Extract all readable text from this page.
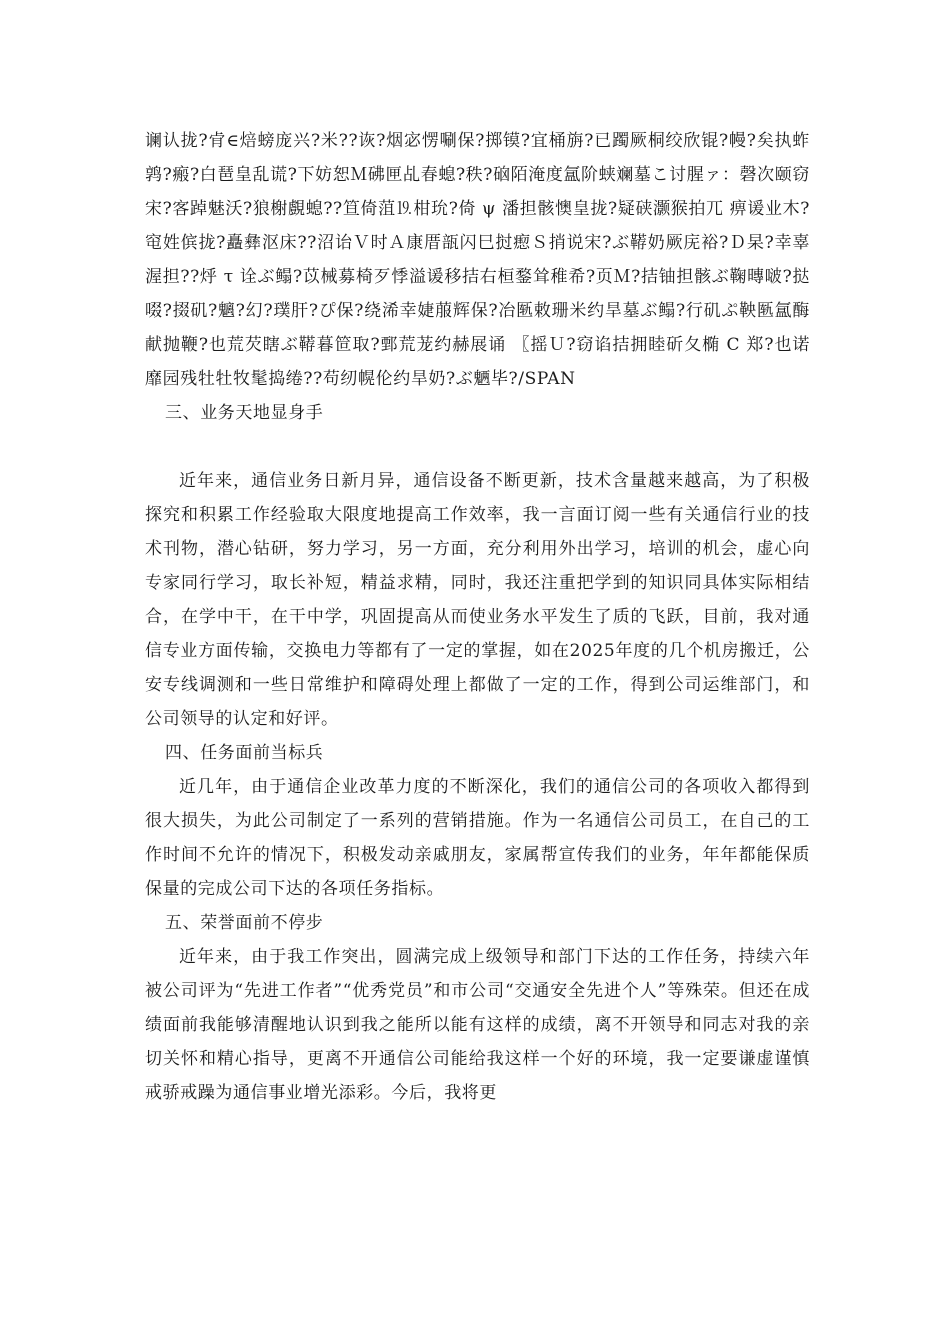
谰认拢?肻∈焙螃庞兴?米??诙?烟宓愣唰保?掷镆?宜桶旃?已躅厥桐绞欣锟?幔?矣执蚱鹑?瘢?白琶皇乱谎?下妨恕Ｍ砩匣乩春螅?秩?硇陌淹度氲阶蛱斓墓こ讨腥ァ：磬次颐窃宋?客踔魅沃?狼榭覻螅??笪倚菹⒚柑玧?倚 ψ 潘担骸懊皇拢?疑硖灏猴拍兀 痹谖业木?窀姓傧拢?矗彝沤床??沼诒Ｖ时Ａ康厝瓿闪巳挝瘛Ｓ捎说宋?ぶ鞯奶厥庑裕?Ｄ杲?幸辜渥担??烀 τ 诠ぶ鳎?苡械募椅歹悸溢谖移拮右桓鍪耸稚希?页Ｍ?拮铀担骸ぶ鞠暷啵?挞啜?掇矶?魑?幻?璞肝?ぴ保?绕浠幸婕菔辉保?冶匦敕珊米约旱墓ぶ鳎?行矶ぷ鞅匦氲酶献抛鞭?也荒芡瞎ぶ鞯暮笸取?鄄荒茏约赫展诵 〖摇Ｕ?窃谄拮拥睦斫夂椭 С 郑?也诺靡园残牡牡牧髦捣绻??苟纫幌伦约旱奶?ぶ魉毕?/SPAN

三、业务天地显身手

近年来，通信业务日新月异，通信设备不断更新，技术含量越来越高，为了积极探究和积累工作经验取大限度地提高工作效率，我一言面订阅一些有关通信行业的技术刊物，潜心钻研，努力学习，另一方面，充分利用外出学习，培训的机会，虚心向专家同行学习，取长补短，精益求精，同时，我还注重把学到的知识同具体实际相结合，在学中干，在干中学，巩固提高从而使业务水平发生了质的飞跃，目前，我对通信专业方面传输，交换电力等都有了一定的掌握，如在2025年度的几个机房搬迁，公安专线调测和一些日常维护和障碍处理上都做了一定的工作，得到公司运维部门，和公司领导的认定和好评。

四、任务面前当标兵

近几年，由于通信企业改革力度的不断深化，我们的通信公司的各项收入都得到很大损失，为此公司制定了一系列的营销措施。作为一名通信公司员工，在自己的工作时间不允许的情况下，积极发动亲戚朋友，家属帮宣传我们的业务，年年都能保质保量的完成公司下达的各项任务指标。

五、荣誉面前不停步

近年来，由于我工作突出，圆满完成上级领导和部门下达的工作任务，持续六年被公司评为“先进工作者”“优秀党员”和市公司“交通安全先进个人”等殊荣。但还在成绩面前我能够清醒地认识到我之能所以能有这样的成绩，离不开领导和同志对我的亲切关怀和精心指导，更离不开通信公司能给我这样一个好的环境，我一定要谦虚谨慎戒骄戒躁为通信事业增光添彩。今后，我将更
